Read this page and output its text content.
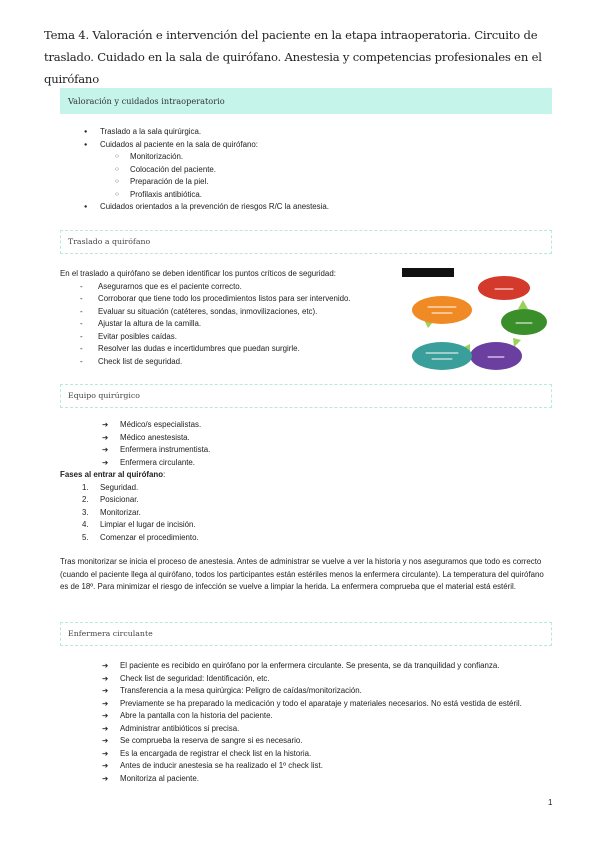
Tema 4. Valoración e intervención del paciente en la etapa intraoperatoria. Circuito de traslado. Cuidado en la sala de quirófano. Anestesia y competencias profesionales en el quirófano
Valoración y cuidados intraoperatorio
● Traslado a la sala quirúrgica.
● Cuidados al paciente en la sala de quirófano:
○ Monitorización.
○ Colocación del paciente.
○ Preparación de la piel.
○ Profilaxis antibiótica.
● Cuidados orientados a la prevención de riesgos R/C la anestesia.
Traslado a quirófano
En el traslado a quirófano se deben identificar los puntos críticos de seguridad:
- Asegurarnos que es el paciente correcto.
- Corroborar que tiene todo los procedimientos listos para ser intervenido.
- Evaluar su situación (catéteres, sondas, inmovilizaciones, etc).
- Ajustar la altura de la camilla.
- Evitar posibles caídas.
- Resolver las dudas e incertidumbres que puedan surgirle.
- Check list de seguridad.
Equipo quirúrgico
➔ Médico/s especialistas.
➔ Médico anestesista.
➔ Enfermera instrumentista.
➔ Enfermera circulante.
Fases al entrar al quirófano:
1. Seguridad.
2. Posicionar.
3. Monitorizar.
4. Limpiar el lugar de incisión.
5. Comenzar el procedimiento.
Tras monitorizar se inicia el proceso de anestesia. Antes de administrar se vuelve a ver la historia y nos aseguramos que todo es correcto (cuando el paciente llega al quirófano, todos los participantes están estériles menos la enfermera circulante). La temperatura del quirófano es de 18º. Para minimizar el riesgo de infección se vuelve a limpiar la herida. La enfermera comprueba que el material está estéril.
Enfermera circulante
➔ El paciente es recibido en quirófano por la enfermera circulante. Se presenta, se da tranquilidad y confianza.
➔ Check list de seguridad: Identificación, etc.
➔ Transferencia a la mesa quirúrgica: Peligro de caídas/monitorización.
➔ Previamente se ha preparado la medicación y todo el aparataje y materiales necesarios. No está vestida de estéril.
➔ Abre la pantalla con la historia del paciente.
➔ Administrar antibióticos si precisa.
➔ Se comprueba la reserva de sangre si es necesario.
➔ Es la encargada de registrar el check list en la historia.
➔ Antes de inducir anestesia se ha realizado el 1º check list.
➔ Monitoriza al paciente.
1
